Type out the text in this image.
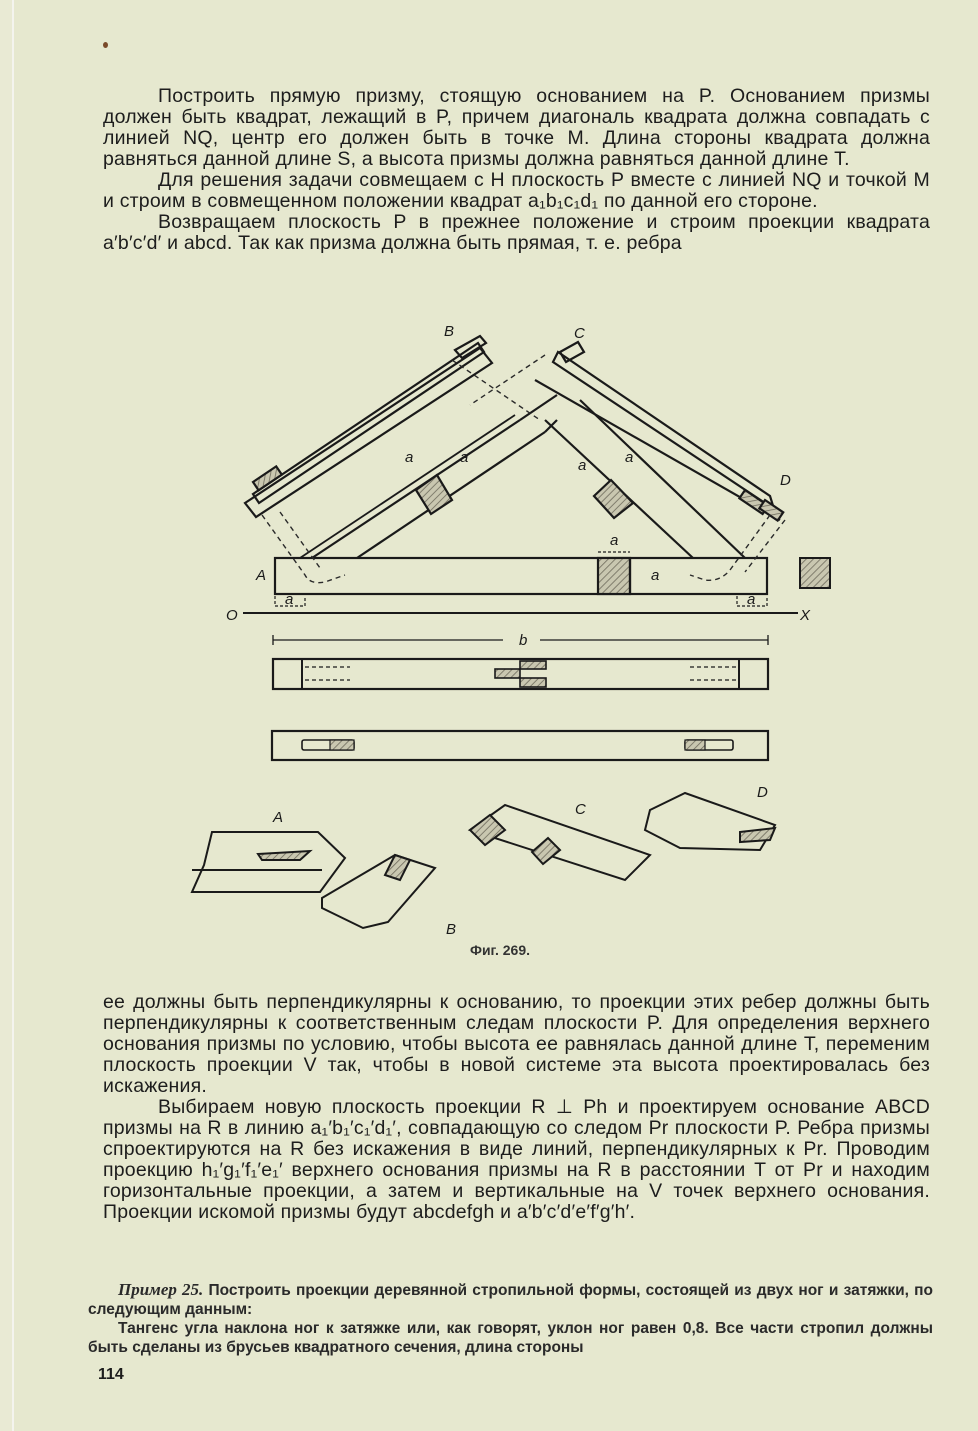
Построить прямую призму, стоящую основанием на P. Основанием призмы должен быть квадрат, лежащий в P, причем диагональ квадрата должна совпадать с линией NQ, центр его должен быть в точке M. Длина стороны квадрата должна равняться данной длине S, а высота призмы должна равняться данной длине T.

Для решения задачи совмещаем с H плоскость P вместе с линией NQ и точкой M и строим в совмещенном положении квадрат a₁b₁c₁d₁ по данной его стороне.

Возвращаем плоскость P в прежнее положение и строим проекции квадрата a′b′c′d′ и abcd. Так как призма должна быть прямая, т. е. ребра

O	X
B	C
D
A
a
a
a	a
a	a	a	a
b
A
B
C
D
Фиг. 269.

ее должны быть перпендикулярны к основанию, то проекции этих ребер должны быть перпендикулярны к соответственным следам плоскости P. Для определения верхнего основания призмы по условию, чтобы высота ее равнялась данной длине T, переменим плоскость проекции V так, чтобы в новой системе эта высота проектировалась без искажения.

Выбираем новую плоскость проекции R ⊥ Ph и проектируем основание ABCD призмы на R в линию a₁′b₁′c₁′d₁′, совпадающую со следом Pr плоскости P. Ребра призмы спроектируются на R без искажения в виде линий, перпендикулярных к Pr. Проводим проекцию h₁′g₁′f₁′e₁′ верхнего основания призмы на R в расстоянии T от Pr и находим горизонтальные проекции, а затем и вертикальные на V точек верхнего основания. Проекции искомой призмы будут abcdefgh и a′b′c′d′e′f′g′h′.

Пример 25. Построить проекции деревянной стропильной формы, состоящей из двух ног и затяжки, по следующим данным:

Тангенс угла наклона ног к затяжке или, как говорят, уклон ног равен 0,8. Все части стропил должны быть сделаны из брусьев квадратного сечения, длина стороны

114
